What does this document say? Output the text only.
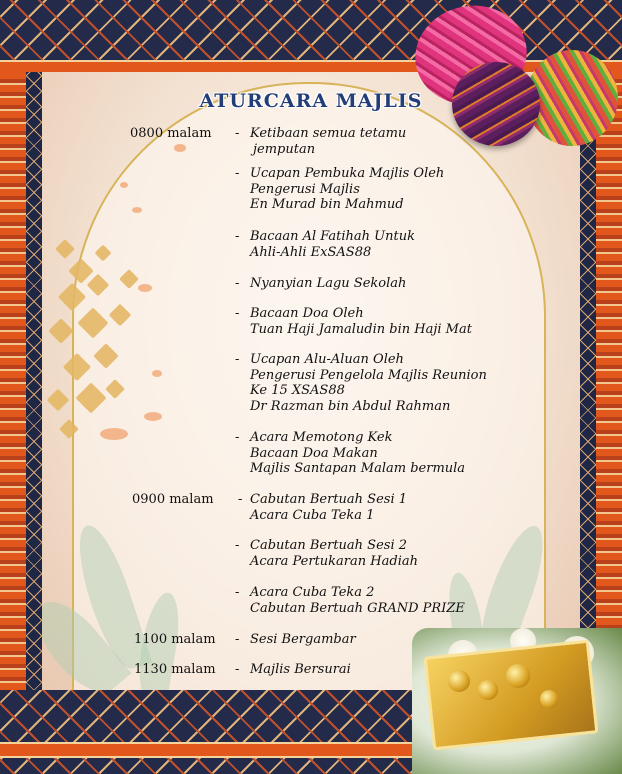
ATURCARA MAJLIS
0800 malam - Ketibaan semua tetamu
jemputan
- Ucapan Pembuka Majlis Oleh
Pengerusi Majlis
En Murad bin Mahmud
- Bacaan Al Fatihah Untuk
Ahli-Ahli ExSAS88
- Nyanyian Lagu Sekolah
- Bacaan Doa Oleh
Tuan Haji Jamaludin bin Haji Mat
- Ucapan Alu-Aluan Oleh
Pengerusi Pengelola Majlis Reunion
Ke 15 XSAS88
Dr Razman bin Abdul Rahman
- Acara Memotong Kek
Bacaan Doa Makan
Majlis Santapan Malam bermula
0900 malam - Cabutan Bertuah Sesi 1
Acara Cuba Teka 1
- Cabutan Bertuah Sesi 2
Acara Pertukaran Hadiah
- Acara Cuba Teka 2
Cabutan Bertuah GRAND PRIZE
1100 malam - Sesi Bergambar
1130 malam - Majlis Bersurai
